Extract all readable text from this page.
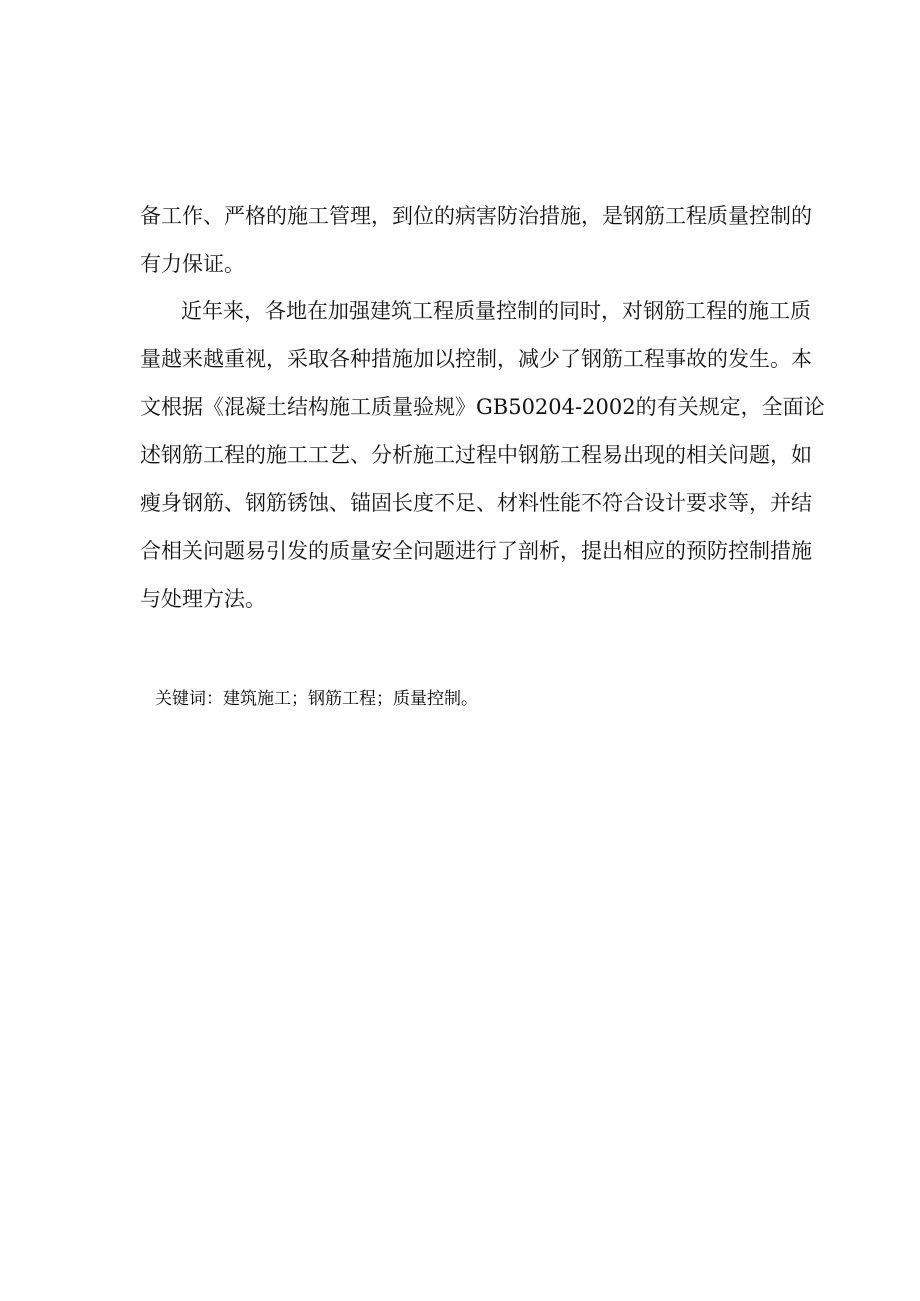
备 工 作 、 严 格 的 施 工 管 理 ， 到 位 的 病 害 防 治 措 施 ， 是 钢 筋 工 程 质 量 控 制 的
有力保证。
近 年 来 ， 各 地 在 加 强 建 筑 工 程 质 量 控 制 的 同 时 ， 对 钢 筋 工 程 的 施 工 质
量 越 来 越 重 视 ， 采 取 各 种 措 施 加 以 控 制 ， 减 少 了 钢 筋 工 程 事 故 的 发 生 。 本
文 根 据 《 混 凝 土 结 构 施 工 质 量 验 规 》 GB50204-2002 的 有 关 规 定 ， 全 面 论
述 钢 筋 工 程 的 施 工 工 艺 、 分 析 施 工 过 程 中 钢 筋 工 程 易 出 现 的 相 关 问 题 ， 如
瘦 身 钢 筋 、 钢 筋 锈 蚀 、 锚 固 长 度 不 足 、 材 料 性 能 不 符 合 设 计 要 求 等 ， 并 结
合 相 关 问 题 易 引 发 的 质 量 安 全 问 题 进 行 了 剖 析 ， 提 出 相 应 的 预 防 控 制 措 施
与处理方法。
关键词：建筑施工；钢筋工程；质量控制。
